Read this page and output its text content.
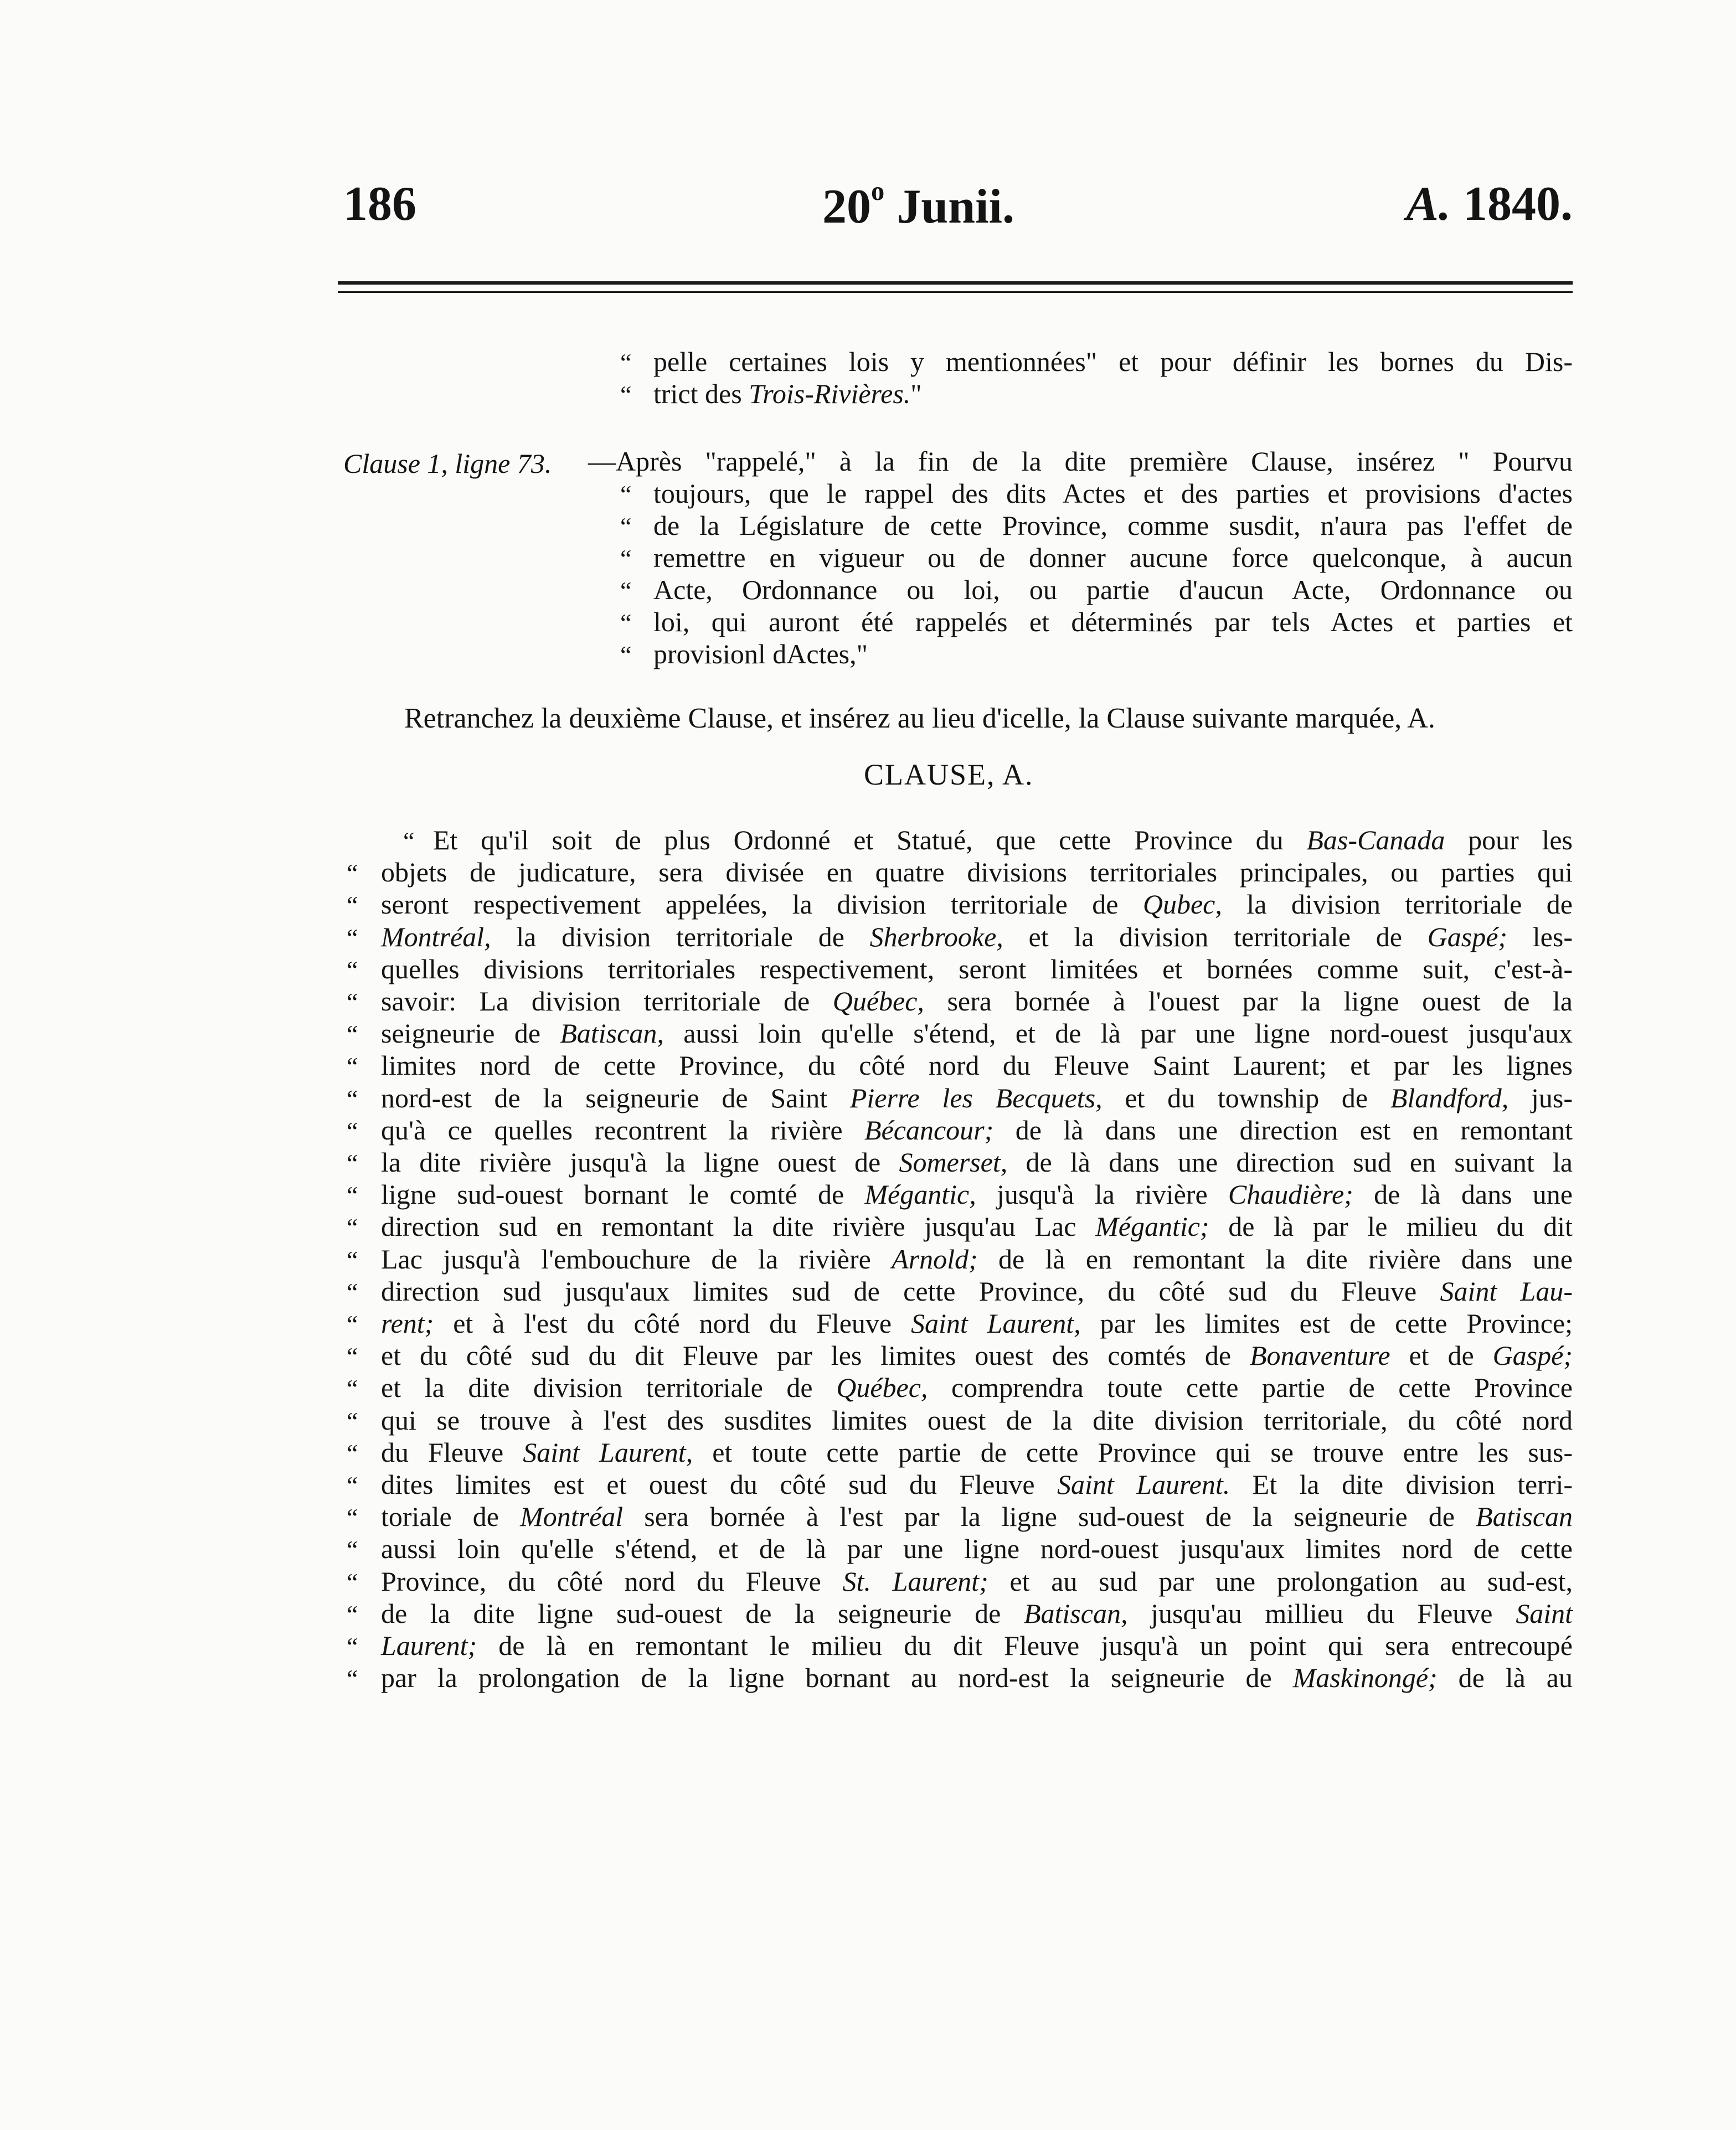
186	20$^o$ Junii.	A. 1840.
“ pelle certaines lois y mentionnées" et pour définir les bornes du Dis-
“ trict des Trois-Rivières."
Clause 1, ligne 73. —Après "rappelé," à la fin de la dite première Clause, insérez " Pourvu
“ toujours, que le rappel des dits Actes et des parties et provisions d'actes
“ de la Législature de cette Province, comme susdit, n'aura pas l'effet de
“ remettre en vigueur ou de donner aucune force quelconque, à aucun
“ Acte, Ordonnance ou loi, ou partie d'aucun Acte, Ordonnance ou
“ loi, qui auront été rappelés et déterminés par tels Actes et parties et
“ provisionl dActes,"
Retranchez la deuxième Clause, et insérez au lieu d'icelle, la Clause suivante marquée, A.
CLAUSE, A.
“ Et qu'il soit de plus Ordonné et Statué, que cette Province du Bas-Canada pour les
“ objets de judicature, sera divisée en quatre divisions territoriales principales, ou parties qui
“ seront respectivement appelées, la division territoriale de Qubec, la division territoriale de
“ Montréal, la division territoriale de Sherbrooke, et la division territoriale de Gaspé; les-
“ quelles divisions territoriales respectivement, seront limitées et bornées comme suit, c'est-à-
“ savoir: La division territoriale de Québec, sera bornée à l'ouest par la ligne ouest de la
“ seigneurie de Batiscan, aussi loin qu'elle s'étend, et de là par une ligne nord-ouest jusqu'aux
“ limites nord de cette Province, du côté nord du Fleuve Saint Laurent; et par les lignes
“ nord-est de la seigneurie de Saint Pierre les Becquets, et du township de Blandford, jus-
“ qu'à ce quelles recontrent la rivière Bécancour; de là dans une direction est en remontant
“ la dite rivière jusqu'à la ligne ouest de Somerset, de là dans une direction sud en suivant la
“ ligne sud-ouest bornant le comté de Mégantic, jusqu'à la rivière Chaudière; de là dans une
“ direction sud en remontant la dite rivière jusqu'au Lac Mégantic; de là par le milieu du dit
“ Lac jusqu'à l'embouchure de la rivière Arnold; de là en remontant la dite rivière dans une
“ direction sud jusqu'aux limites sud de cette Province, du côté sud du Fleuve Saint Lau-
“ rent; et à l'est du côté nord du Fleuve Saint Laurent, par les limites est de cette Province;
“ et du côté sud du dit Fleuve par les limites ouest des comtés de Bonaventure et de Gaspé;
“ et la dite division territoriale de Québec, comprendra toute cette partie de cette Province
“ qui se trouve à l'est des susdites limites ouest de la dite division territoriale, du côté nord
“ du Fleuve Saint Laurent, et toute cette partie de cette Province qui se trouve entre les sus-
“ dites limites est et ouest du côté sud du Fleuve Saint Laurent. Et la dite division terri-
“ toriale de Montréal sera bornée à l'est par la ligne sud-ouest de la seigneurie de Batiscan
“ aussi loin qu'elle s'étend, et de là par une ligne nord-ouest jusqu'aux limites nord de cette
“ Province, du côté nord du Fleuve St. Laurent; et au sud par une prolongation au sud-est,
“ de la dite ligne sud-ouest de la seigneurie de Batiscan, jusqu'au millieu du Fleuve Saint
“ Laurent; de là en remontant le milieu du dit Fleuve jusqu'à un point qui sera entrecoupé
“ par la prolongation de la ligne bornant au nord-est la seigneurie de Maskinongé; de là au
